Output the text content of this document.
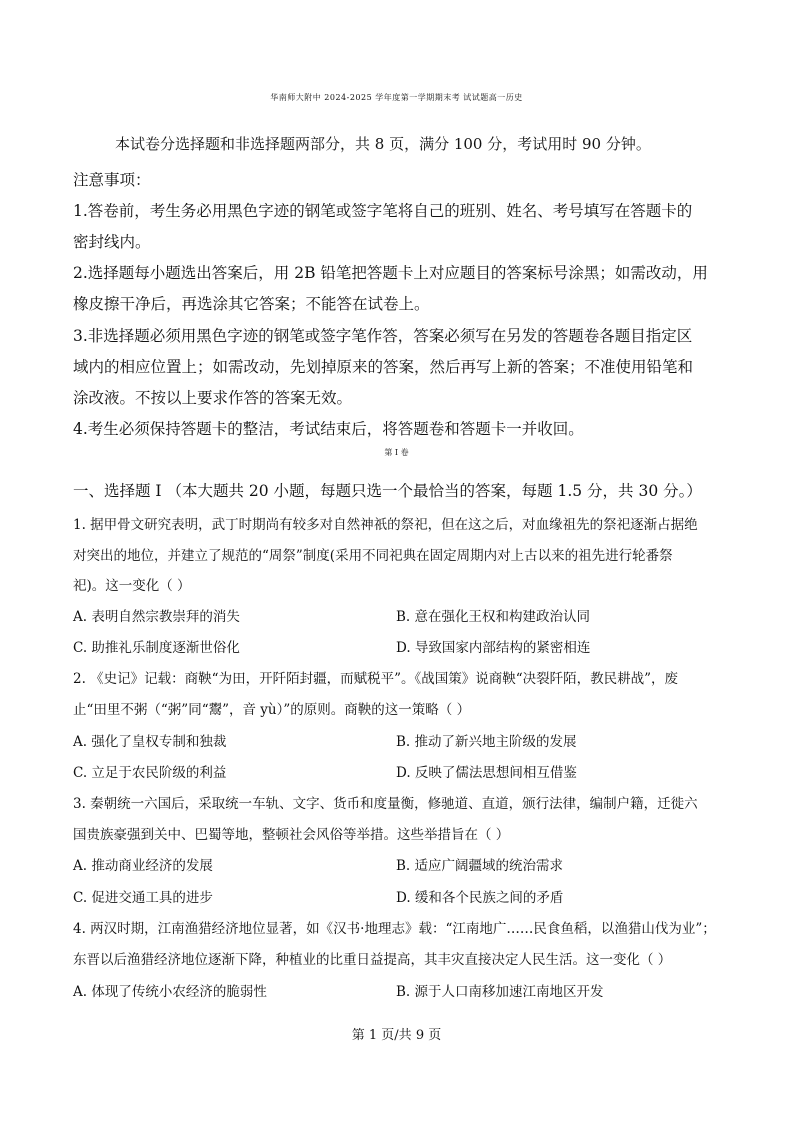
华南师大附中 2024-2025 学年度第一学期期末考 试试题高一历史
本试卷分选择题和非选择题两部分，共 8 页，满分 100 分，考试用时 90 分钟。
注意事项：
1.答卷前，考生务必用黑色字迹的钢笔或签字笔将自己的班别、姓名、考号填写在答题卡的
密封线内。
2.选择题每小题选出答案后，用 2B 铅笔把答题卡上对应题目的答案标号涂黑；如需改动，用
橡皮擦干净后，再选涂其它答案；不能答在试卷上。
3.非选择题必须用黑色字迹的钢笔或签字笔作答，答案必须写在另发的答题卷各题目指定区
域内的相应位置上；如需改动，先划掉原来的答案，然后再写上新的答案；不准使用铅笔和
涂改液。不按以上要求作答的答案无效。
4.考生必须保持答题卡的整洁，考试结束后，将答题卷和答题卡一并收回。
第 I 卷
一、选择题 I （本大题共 20 小题，每题只选一个最恰当的答案，每题 1.5 分，共 30 分。）
1. 据甲骨文研究表明，武丁时期尚有较多对自然神祇的祭祀，但在这之后，对血缘祖先的祭祀逐渐占据绝
对突出的地位，并建立了规范的“周祭”制度(采用不同祀典在固定周期内对上古以来的祖先进行轮番祭
祀)。这一变化（ ）
A. 表明自然宗教崇拜的消失	B. 意在强化王权和构建政治认同
C. 助推礼乐制度逐渐世俗化	D. 导致国家内部结构的紧密相连
2. 《史记》记载：商鞅“为田，开阡陌封疆，而赋税平”。《战国策》说商鞅“决裂阡陌，教民耕战”，废
止“田里不粥（“粥”同“鬻”，音 yù）”的原则。商鞅的这一策略（ ）
A. 强化了皇权专制和独裁	B. 推动了新兴地主阶级的发展
C. 立足于农民阶级的利益	D. 反映了儒法思想间相互借鉴
3. 秦朝统一六国后，采取统一车轨、文字、货币和度量衡，修驰道、直道，颁行法律，编制户籍，迁徙六
国贵族豪强到关中、巴蜀等地，整顿社会风俗等举措。这些举措旨在（ ）
A. 推动商业经济的发展	B. 适应广阔疆域的统治需求
C. 促进交通工具的进步	D. 缓和各个民族之间的矛盾
4. 两汉时期，江南渔猎经济地位显著，如《汉书·地理志》载：“江南地广……民食鱼稻，以渔猎山伐为业”；
东晋以后渔猎经济地位逐渐下降，种植业的比重日益提高，其丰灾直接决定人民生活。这一变化（ ）
A. 体现了传统小农经济的脆弱性	B. 源于人口南移加速江南地区开发
第 1 页/共 9 页
